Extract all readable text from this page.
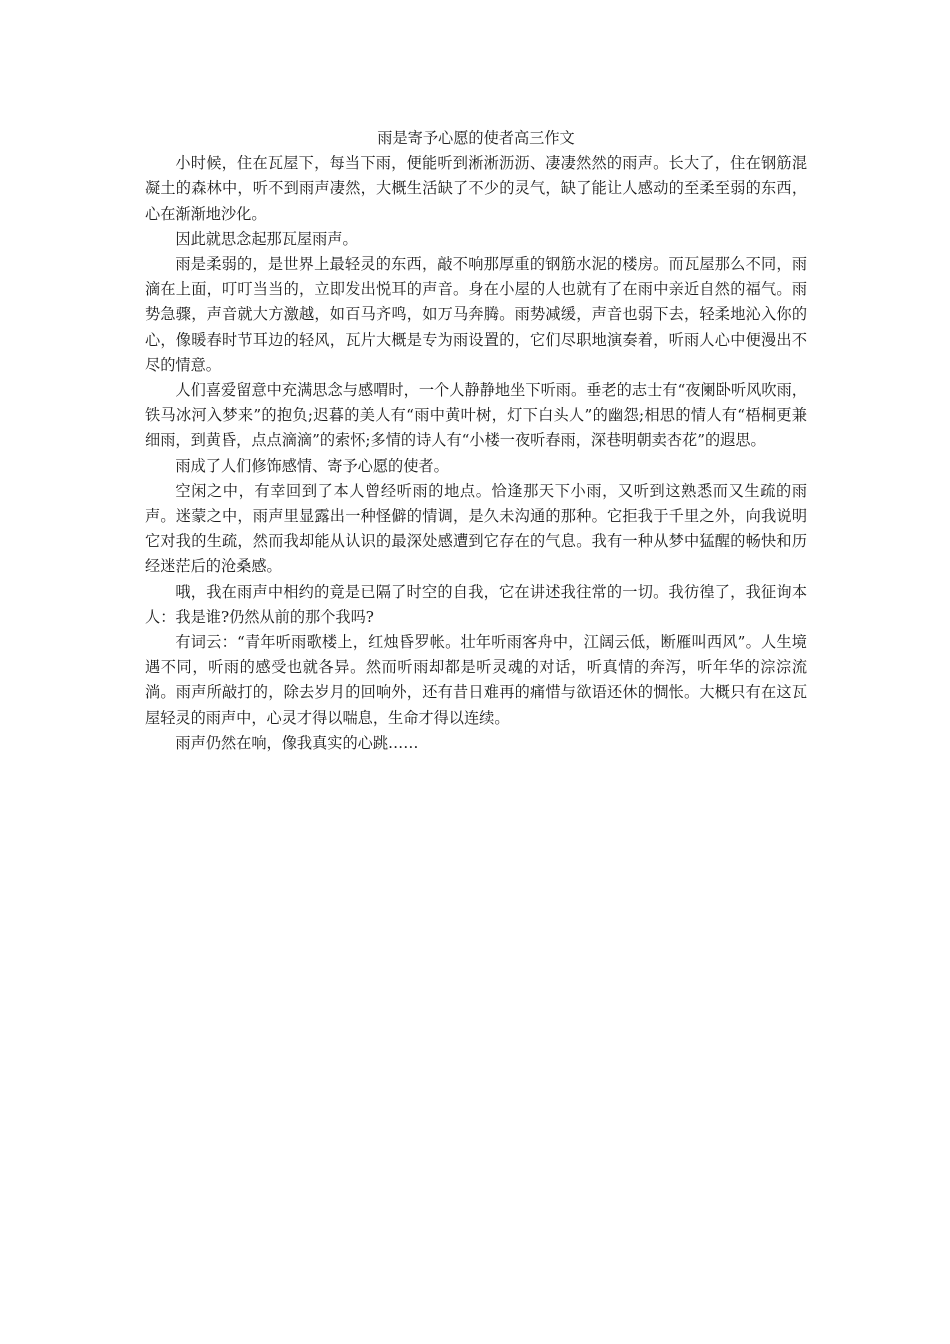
雨是寄予心愿的使者高三作文

小时候，住在瓦屋下，每当下雨，便能听到淅淅沥沥、凄凄然然的雨声。长大了，住在钢筋混凝土的森林中，听不到雨声凄然，大概生活缺了不少的灵气，缺了能让人感动的至柔至弱的东西，心在渐渐地沙化。

因此就思念起那瓦屋雨声。

雨是柔弱的，是世界上最轻灵的东西，敲不响那厚重的钢筋水泥的楼房。而瓦屋那么不同，雨滴在上面，叮叮当当的，立即发出悦耳的声音。身在小屋的人也就有了在雨中亲近自然的福气。雨势急骤，声音就大方激越，如百马齐鸣，如万马奔腾。雨势减缓，声音也弱下去，轻柔地沁入你的心，像暖春时节耳边的轻风，瓦片大概是专为雨设置的，它们尽职地演奏着，听雨人心中便漫出不尽的情意。

人们喜爱留意中充满思念与感喟时，一个人静静地坐下听雨。垂老的志士有“夜阑卧听风吹雨，铁马冰河入梦来”的抱负;迟暮的美人有“雨中黄叶树，灯下白头人”的幽怨;相思的情人有“梧桐更兼细雨，到黄昏，点点滴滴”的索怀;多情的诗人有“小楼一夜听春雨，深巷明朝卖杏花”的遐思。

雨成了人们修饰感情、寄予心愿的使者。

空闲之中，有幸回到了本人曾经听雨的地点。恰逢那天下小雨，又听到这熟悉而又生疏的雨声。迷蒙之中，雨声里显露出一种怪僻的情调，是久未沟通的那种。它拒我于千里之外，向我说明它对我的生疏，然而我却能从认识的最深处感遭到它存在的气息。我有一种从梦中猛醒的畅快和历经迷茫后的沧桑感。

哦，我在雨声中相约的竟是已隔了时空的自我，它在讲述我往常的一切。我彷徨了，我征询本人：我是谁?仍然从前的那个我吗?

有词云：“青年听雨歌楼上，红烛昏罗帐。壮年听雨客舟中，江阔云低，断雁叫西风”。人生境遇不同，听雨的感受也就各异。然而听雨却都是听灵魂的对话，听真情的奔泻，听年华的淙淙流淌。雨声所敲打的，除去岁月的回响外，还有昔日难再的痛惜与欲语还休的惆怅。大概只有在这瓦屋轻灵的雨声中，心灵才得以喘息，生命才得以连续。

雨声仍然在响，像我真实的心跳……
